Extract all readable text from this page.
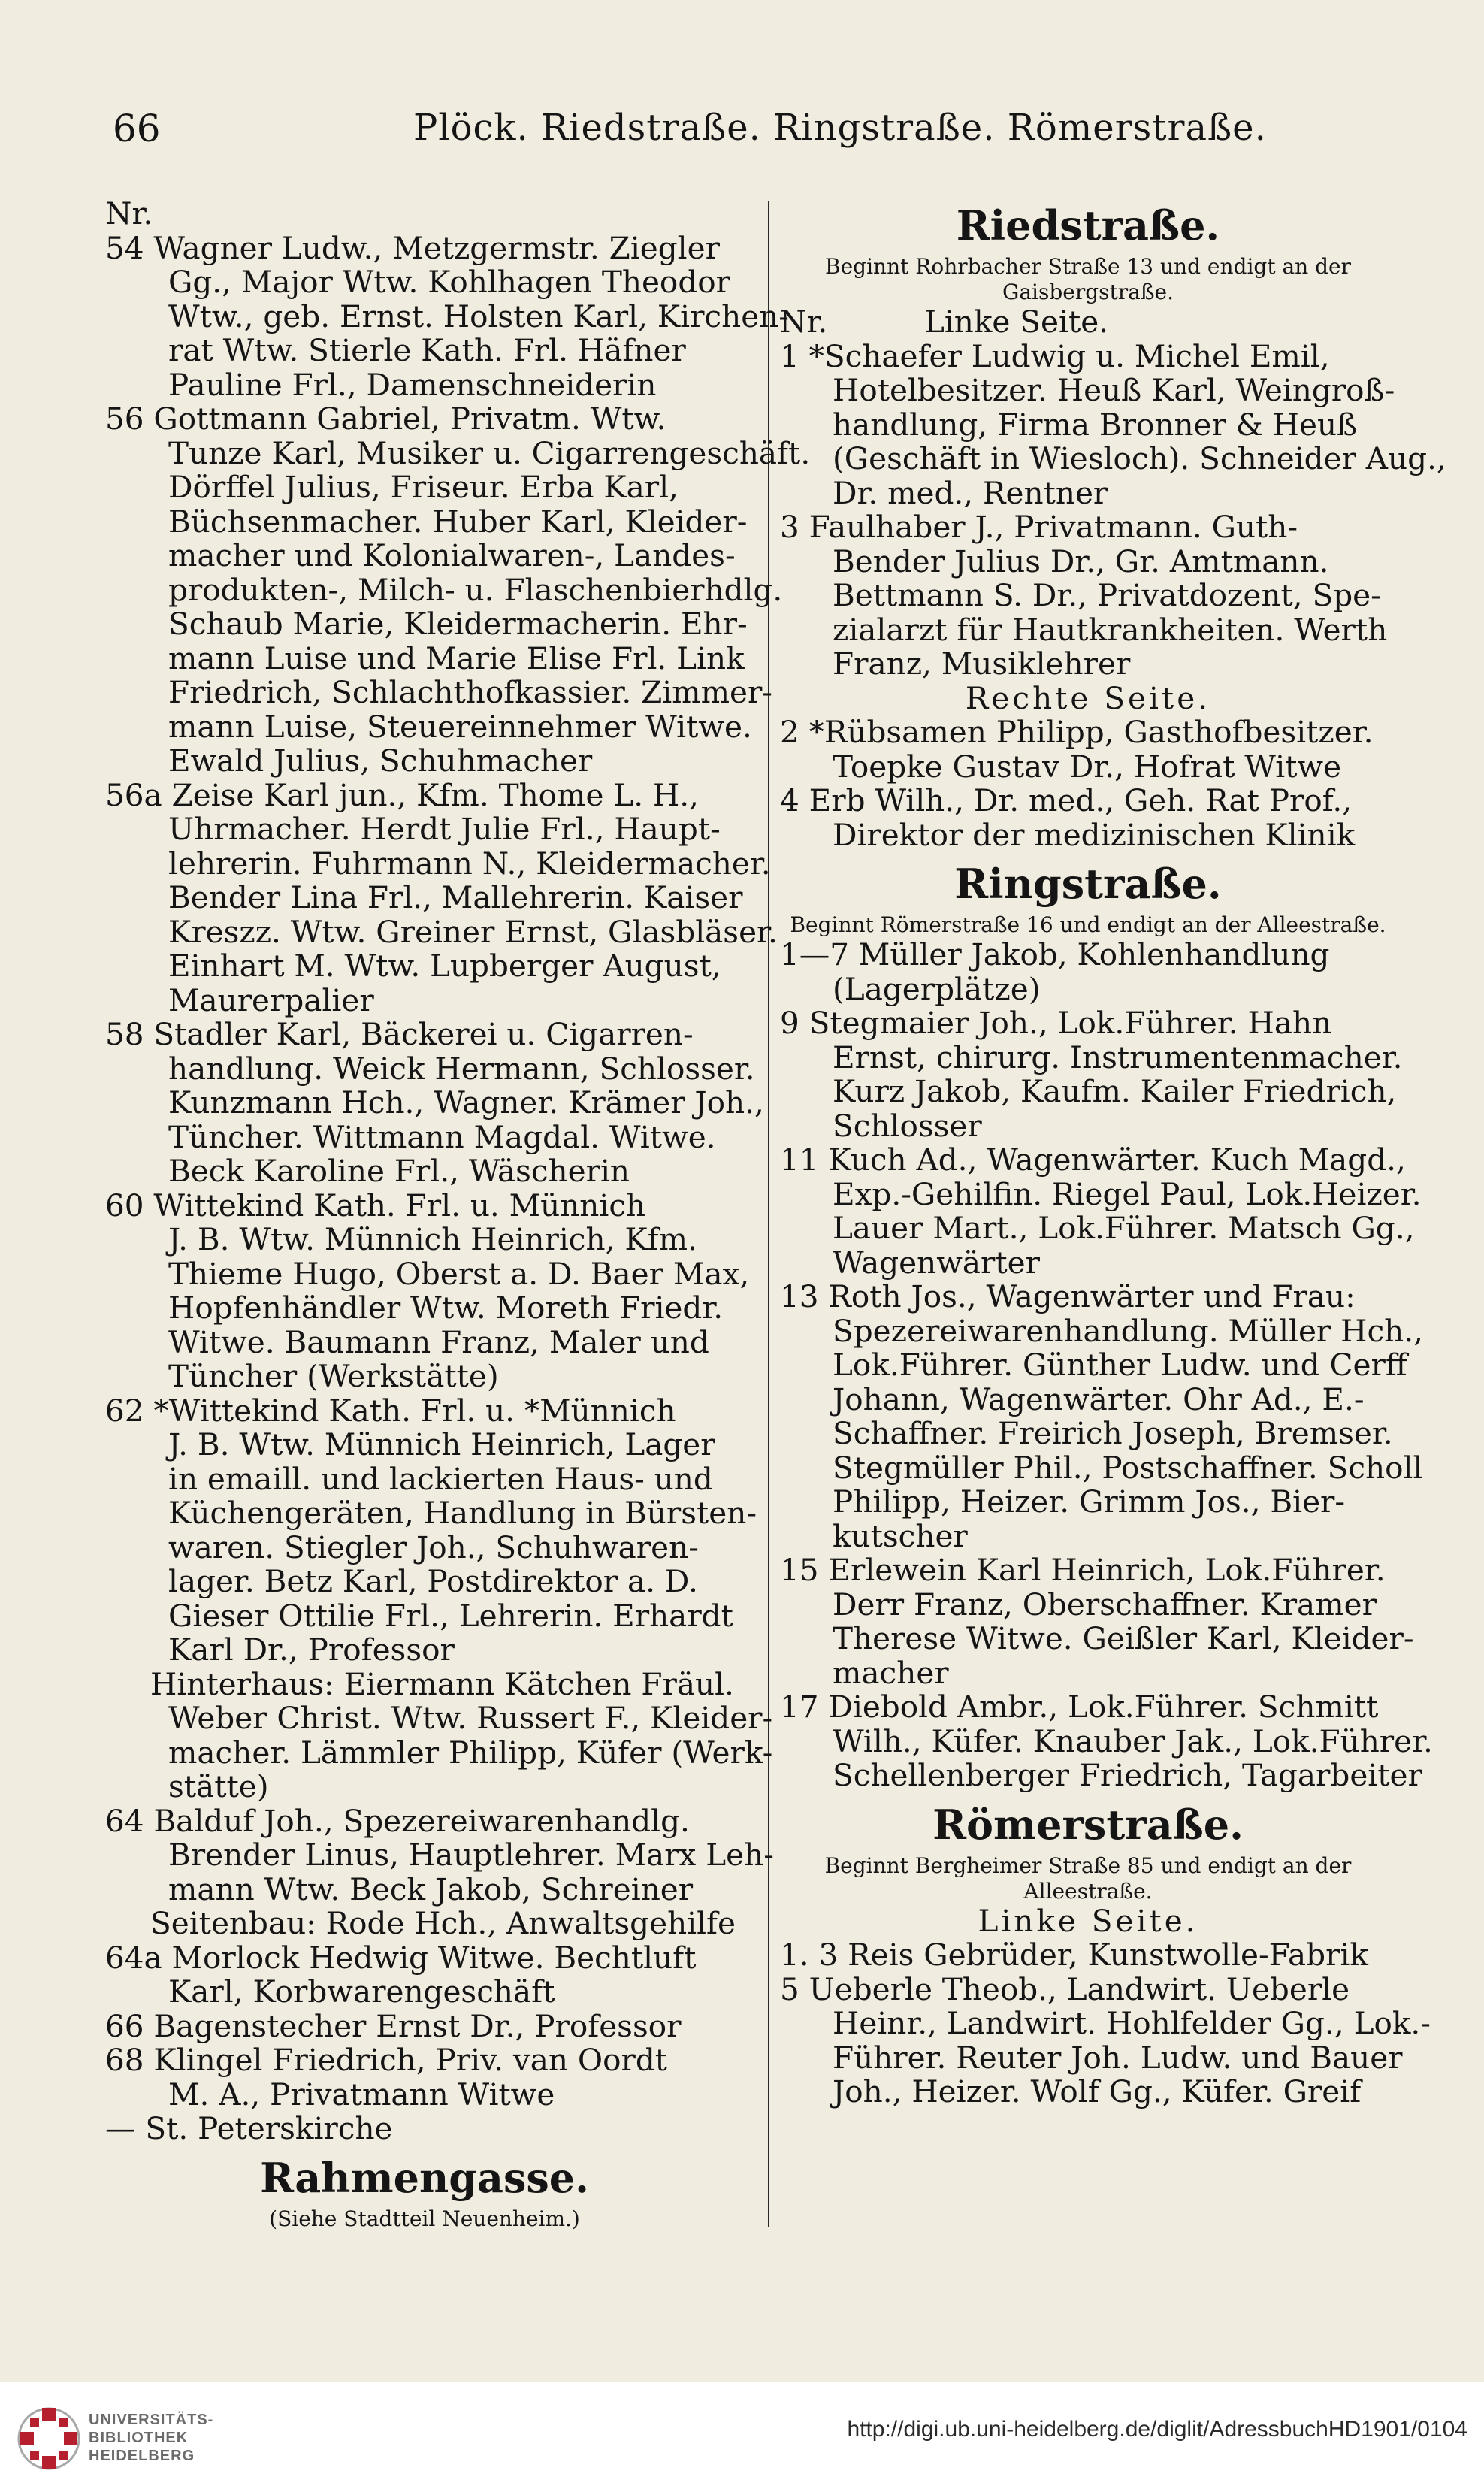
66	Plöck. Riedstraße. Ringstraße. Römerstraße.
Nr.
54 Wagner Ludw., Metzgermstr. Ziegler
Gg., Major Wtw. Kohlhagen Theodor
Wtw., geb. Ernst. Holsten Karl, Kirchen-
rat Wtw. Stierle Kath. Frl. Häfner
Pauline Frl., Damenschneiderin
56 Gottmann Gabriel, Privatm. Wtw.
Tunze Karl, Musiker u. Cigarrengeschäft.
Dörffel Julius, Friseur. Erba Karl,
Büchsenmacher. Huber Karl, Kleider-
macher und Kolonialwaren-, Landes-
produkten-, Milch- u. Flaschenbierhdlg.
Schaub Marie, Kleidermacherin. Ehr-
mann Luise und Marie Elise Frl. Link
Friedrich, Schlachthofkassier. Zimmer-
mann Luise, Steuereinnehmer Witwe.
Ewald Julius, Schuhmacher
56a Zeise Karl jun., Kfm. Thome L. H.,
Uhrmacher. Herdt Julie Frl., Haupt-
lehrerin. Fuhrmann N., Kleidermacher.
Bender Lina Frl., Mallehrerin. Kaiser
Kreszz. Wtw. Greiner Ernst, Glasbläser.
Einhart M. Wtw. Lupberger August,
Maurerpalier
58 Stadler Karl, Bäckerei u. Cigarren-
handlung. Weick Hermann, Schlosser.
Kunzmann Hch., Wagner. Krämer Joh.,
Tüncher. Wittmann Magdal. Witwe.
Beck Karoline Frl., Wäscherin
60 Wittekind Kath. Frl. u. Münnich
J. B. Wtw. Münnich Heinrich, Kfm.
Thieme Hugo, Oberst a. D. Baer Max,
Hopfenhändler Wtw. Moreth Friedr.
Witwe. Baumann Franz, Maler und
Tüncher (Werkstätte)
62 *Wittekind Kath. Frl. u. *Münnich
J. B. Wtw. Münnich Heinrich, Lager
in emaill. und lackierten Haus- und
Küchengeräten, Handlung in Bürsten-
waren. Stiegler Joh., Schuhwaren-
lager. Betz Karl, Postdirektor a. D.
Gieser Ottilie Frl., Lehrerin. Erhardt
Karl Dr., Professor
Hinterhaus: Eiermann Kätchen Fräul.
Weber Christ. Wtw. Russert F., Kleider-
macher. Lämmler Philipp, Küfer (Werk-
stätte)
64 Balduf Joh., Spezereiwarenhandlg.
Brender Linus, Hauptlehrer. Marx Leh-
mann Wtw. Beck Jakob, Schreiner
Seitenbau: Rode Hch., Anwaltsgehilfe
64a Morlock Hedwig Witwe. Bechtluft
Karl, Korbwarengeschäft
66 Bagenstecher Ernst Dr., Professor
68 Klingel Friedrich, Priv. van Oordt
M. A., Privatmann Witwe
— St. Peterskirche
Rahmengasse.
(Siehe Stadtteil Neuenheim.)
Riedstraße.
Beginnt Rohrbacher Straße 13 und endigt an der Gaisbergstraße.
Nr.          Linke Seite.
1 *Schaefer Ludwig u. Michel Emil,
Hotelbesitzer. Heuß Karl, Weingroß-
handlung, Firma Bronner & Heuß
(Geschäft in Wiesloch). Schneider Aug.,
Dr. med., Rentner
3 Faulhaber J., Privatmann. Guth-
Bender Julius Dr., Gr. Amtmann.
Bettmann S. Dr., Privatdozent, Spe-
zialarzt für Hautkrankheiten. Werth
Franz, Musiklehrer
Rechte Seite.
2 *Rübsamen Philipp, Gasthofbesitzer.
Toepke Gustav Dr., Hofrat Witwe
4 Erb Wilh., Dr. med., Geh. Rat Prof.,
Direktor der medizinischen Klinik
Ringstraße.
Beginnt Römerstraße 16 und endigt an der Alleestraße.
1—7 Müller Jakob, Kohlenhandlung
(Lagerplätze)
9 Stegmaier Joh., Lok.Führer. Hahn
Ernst, chirurg. Instrumentenmacher.
Kurz Jakob, Kaufm. Kailer Friedrich,
Schlosser
11 Kuch Ad., Wagenwärter. Kuch Magd.,
Exp.-Gehilfin. Riegel Paul, Lok.Heizer.
Lauer Mart., Lok.Führer. Matsch Gg.,
Wagenwärter
13 Roth Jos., Wagenwärter und Frau:
Spezereiwarenhandlung. Müller Hch.,
Lok.Führer. Günther Ludw. und Cerff
Johann, Wagenwärter. Ohr Ad., E.-
Schaffner. Freirich Joseph, Bremser.
Stegmüller Phil., Postschaffner. Scholl
Philipp, Heizer. Grimm Jos., Bier-
kutscher
15 Erlewein Karl Heinrich, Lok.Führer.
Derr Franz, Oberschaffner. Kramer
Therese Witwe. Geißler Karl, Kleider-
macher
17 Diebold Ambr., Lok.Führer. Schmitt
Wilh., Küfer. Knauber Jak., Lok.Führer.
Schellenberger Friedrich, Tagarbeiter
Römerstraße.
Beginnt Bergheimer Straße 85 und endigt an der Alleestraße.
Linke Seite.
1. 3 Reis Gebrüder, Kunstwolle-Fabrik
5 Ueberle Theob., Landwirt. Ueberle
Heinr., Landwirt. Hohlfelder Gg., Lok.-
Führer. Reuter Joh. Ludw. und Bauer
Joh., Heizer. Wolf Gg., Küfer. Greif
UNIVERSITÄTS-
BIBLIOTHEK
HEIDELBERG
http://digi.ub.uni-heidelberg.de/diglit/AdressbuchHD1901/0104
